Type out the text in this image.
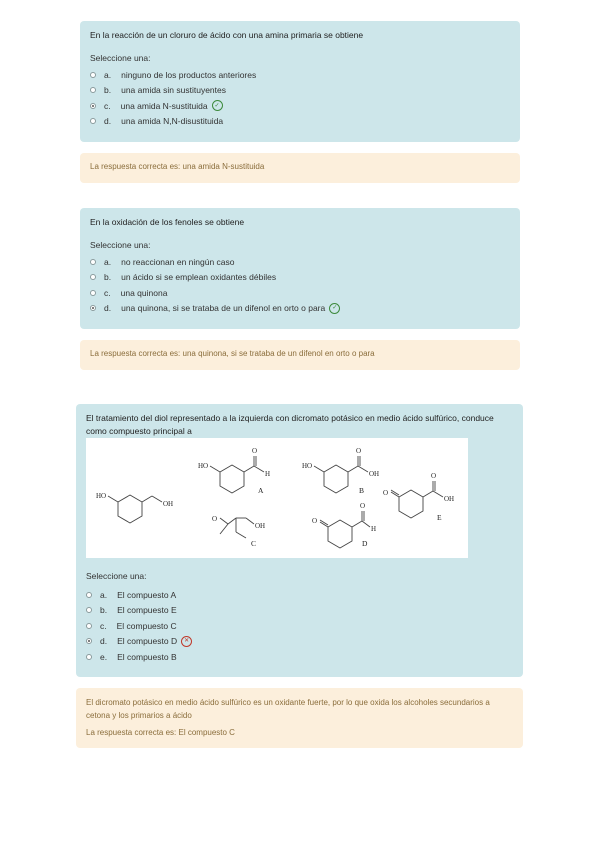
En la reacción de un cloruro de ácido con una amina primaria se obtiene
Seleccione una:
a. ninguno de los productos anteriores
b. una amida sin sustituyentes
c. una amida N-sustituida	✓
d. una amida N,N-disustituida
La respuesta correcta es: una amida N-sustituida
En la oxidación de los fenoles se obtiene
Seleccione una:
a. no reaccionan en ningún caso
b. un ácido si se emplean oxidantes débiles
c. una quinona
d. una quinona, si se trataba de un difenol en orto o para	✓
La respuesta correcta es: una quinona, si se trataba de un difenol en orto o para
El tratamiento del diol representado a la izquierda con dicromato potásico en medio ácido sulfúrico, conduce como compuesto principal a
HO
OH
HO
O
H
A
HO
O
OH
B	O
O
OH
E
O
OH
C
O
O
H
D
Seleccione una:
a. El compuesto A
b. El compuesto E
c. El compuesto C
d. El compuesto D	✕
e. El compuesto B
El dicromato potásico en medio ácido sulfúrico es un oxidante fuerte, por lo que oxida los alcoholes secundarios a cetona y los primarios a ácido
La respuesta correcta es: El compuesto C
